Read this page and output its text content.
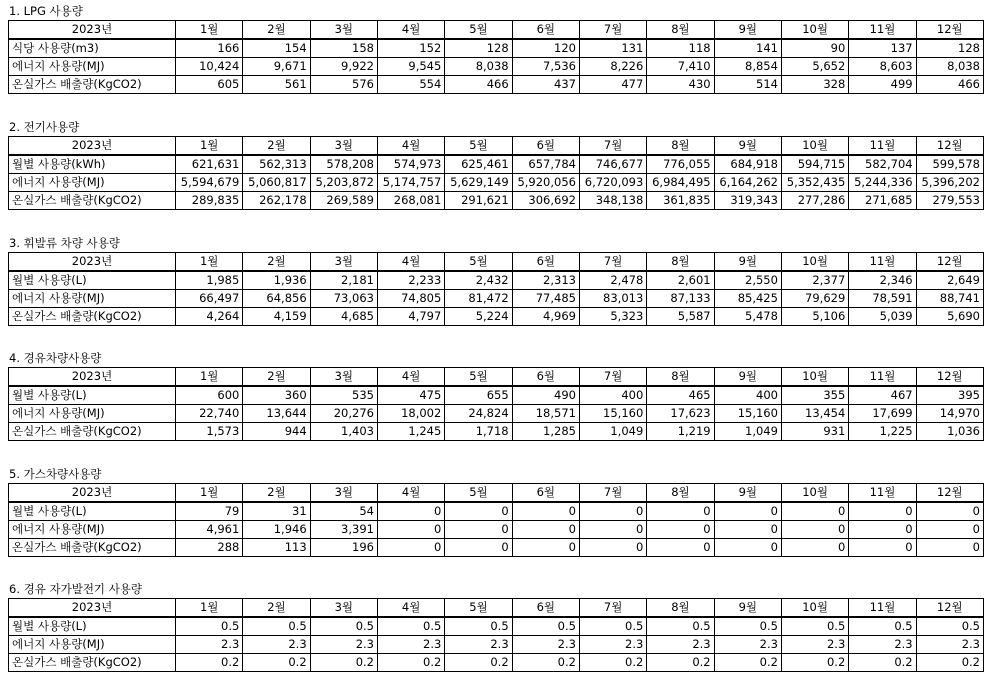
1. LPG 사용량
2023년	1월	2월	3월	4월	5월	6월	7월	8월	9월	10월	11월	12월
식당 사용량(m3)	166	154	158	152	128	120	131	118	141	90	137	128
에너지 사용량(MJ)	10,424	9,671	9,922	9,545	8,038	7,536	8,226	7,410	8,854	5,652	8,603	8,038
온실가스 배출량(KgCO2)	605	561	576	554	466	437	477	430	514	328	499	466
2. 전기사용량
2023년	1월	2월	3월	4월	5월	6월	7월	8월	9월	10월	11월	12월
월별 사용량(kWh)	621,631	562,313	578,208	574,973	625,461	657,784	746,677	776,055	684,918	594,715	582,704	599,578
에너지 사용량(MJ)	5,594,679	5,060,817	5,203,872	5,174,757	5,629,149	5,920,056	6,720,093	6,984,495	6,164,262	5,352,435	5,244,336	5,396,202
온실가스 배출량(KgCO2)	289,835	262,178	269,589	268,081	291,621	306,692	348,138	361,835	319,343	277,286	271,685	279,553
3. 휘발류 차량 사용량
2023년	1월	2월	3월	4월	5월	6월	7월	8월	9월	10월	11월	12월
월별 사용량(L)	1,985	1,936	2,181	2,233	2,432	2,313	2,478	2,601	2,550	2,377	2,346	2,649
에너지 사용량(MJ)	66,497	64,856	73,063	74,805	81,472	77,485	83,013	87,133	85,425	79,629	78,591	88,741
온실가스 배출량(KgCO2)	4,264	4,159	4,685	4,797	5,224	4,969	5,323	5,587	5,478	5,106	5,039	5,690
4. 경유차량사용량
2023년	1월	2월	3월	4월	5월	6월	7월	8월	9월	10월	11월	12월
월별 사용량(L)	600	360	535	475	655	490	400	465	400	355	467	395
에너지 사용량(MJ)	22,740	13,644	20,276	18,002	24,824	18,571	15,160	17,623	15,160	13,454	17,699	14,970
온실가스 배출량(KgCO2)	1,573	944	1,403	1,245	1,718	1,285	1,049	1,219	1,049	931	1,225	1,036
5. 가스차량사용량
2023년	1월	2월	3월	4월	5월	6월	7월	8월	9월	10월	11월	12월
월별 사용량(L)	79	31	54	0	0	0	0	0	0	0	0	0
에너지 사용량(MJ)	4,961	1,946	3,391	0	0	0	0	0	0	0	0	0
온실가스 배출량(KgCO2)	288	113	196	0	0	0	0	0	0	0	0	0
6. 경유 자가발전기 사용량
2023년	1월	2월	3월	4월	5월	6월	7월	8월	9월	10월	11월	12월
월별 사용량(L)	0.5	0.5	0.5	0.5	0.5	0.5	0.5	0.5	0.5	0.5	0.5	0.5
에너지 사용량(MJ)	2.3	2.3	2.3	2.3	2.3	2.3	2.3	2.3	2.3	2.3	2.3	2.3
온실가스 배출량(KgCO2)	0.2	0.2	0.2	0.2	0.2	0.2	0.2	0.2	0.2	0.2	0.2	0.2
